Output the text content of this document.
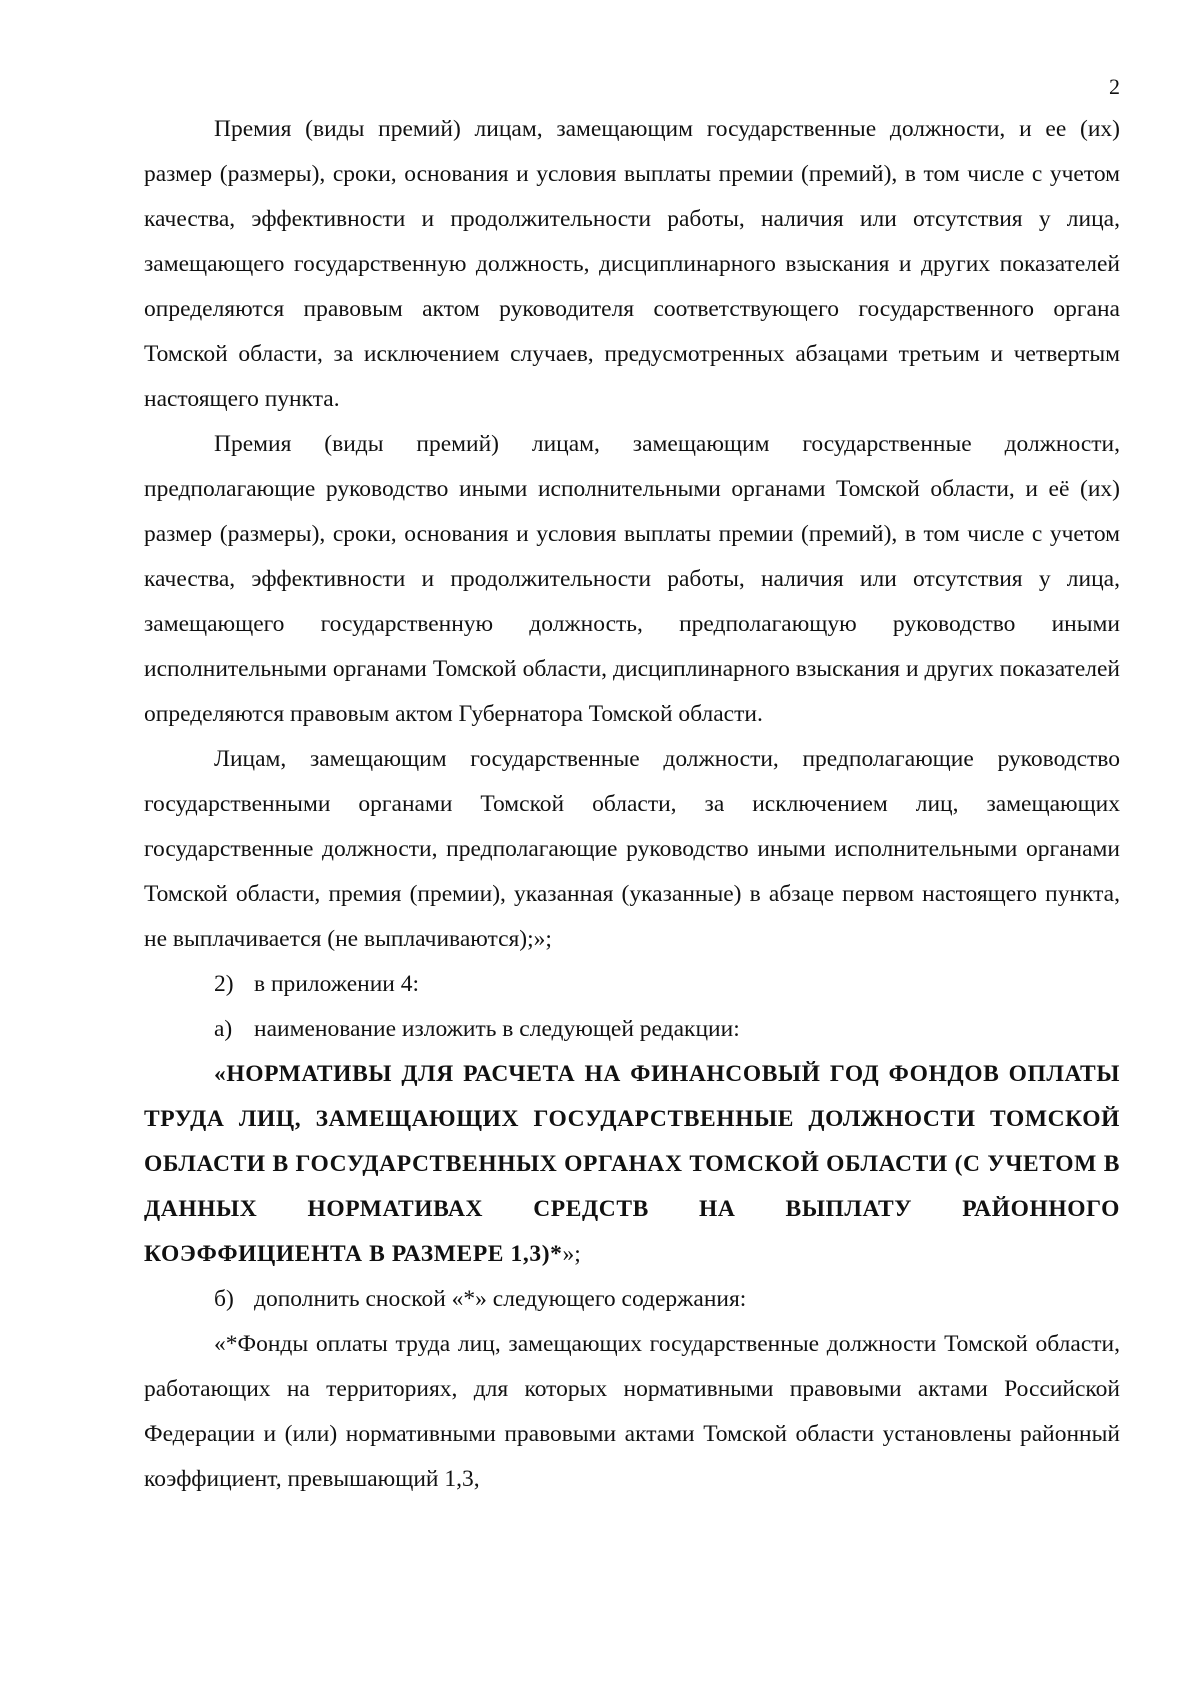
2

Премия (виды премий) лицам, замещающим государственные должности, и ее (их) размер (размеры), сроки, основания и условия выплаты премии (премий), в том числе с учетом качества, эффективности и продолжительности работы, наличия или отсутствия у лица, замещающего государственную должность, дисциплинарного взыскания и других показателей определяются правовым актом руководителя соответствующего государственного органа Томской области, за исключением случаев, предусмотренных абзацами третьим и четвертым настоящего пункта.

Премия (виды премий) лицам, замещающим государственные должности, предполагающие руководство иными исполнительными органами Томской области, и её (их) размер (размеры), сроки, основания и условия выплаты премии (премий), в том числе с учетом качества, эффективности и продолжительности работы, наличия или отсутствия у лица, замещающего государственную должность, предполагающую руководство иными исполнительными органами Томской области, дисциплинарного взыскания и других показателей определяются правовым актом Губернатора Томской области.

Лицам, замещающим государственные должности, предполагающие руководство государственными органами Томской области, за исключением лиц, замещающих государственные должности, предполагающие руководство иными исполнительными органами Томской области, премия (премии), указанная (указанные) в абзаце первом настоящего пункта, не выплачивается (не выплачиваются);»;

2) в приложении 4:

а) наименование изложить в следующей редакции:

«НОРМАТИВЫ ДЛЯ РАСЧЕТА НА ФИНАНСОВЫЙ ГОД ФОНДОВ ОПЛАТЫ ТРУДА ЛИЦ, ЗАМЕЩАЮЩИХ ГОСУДАРСТВЕННЫЕ ДОЛЖНОСТИ ТОМСКОЙ ОБЛАСТИ В ГОСУДАРСТВЕННЫХ ОРГАНАХ ТОМСКОЙ ОБЛАСТИ (С УЧЕТОМ В ДАННЫХ НОРМАТИВАХ СРЕДСТВ НА ВЫПЛАТУ РАЙОННОГО КОЭФФИЦИЕНТА В РАЗМЕРЕ 1,3)*»;

б) дополнить сноской «*» следующего содержания:

«*Фонды оплаты труда лиц, замещающих государственные должности Томской области, работающих на территориях, для которых нормативными правовыми актами Российской Федерации и (или) нормативными правовыми актами Томской области установлены районный коэффициент, превышающий 1,3,
